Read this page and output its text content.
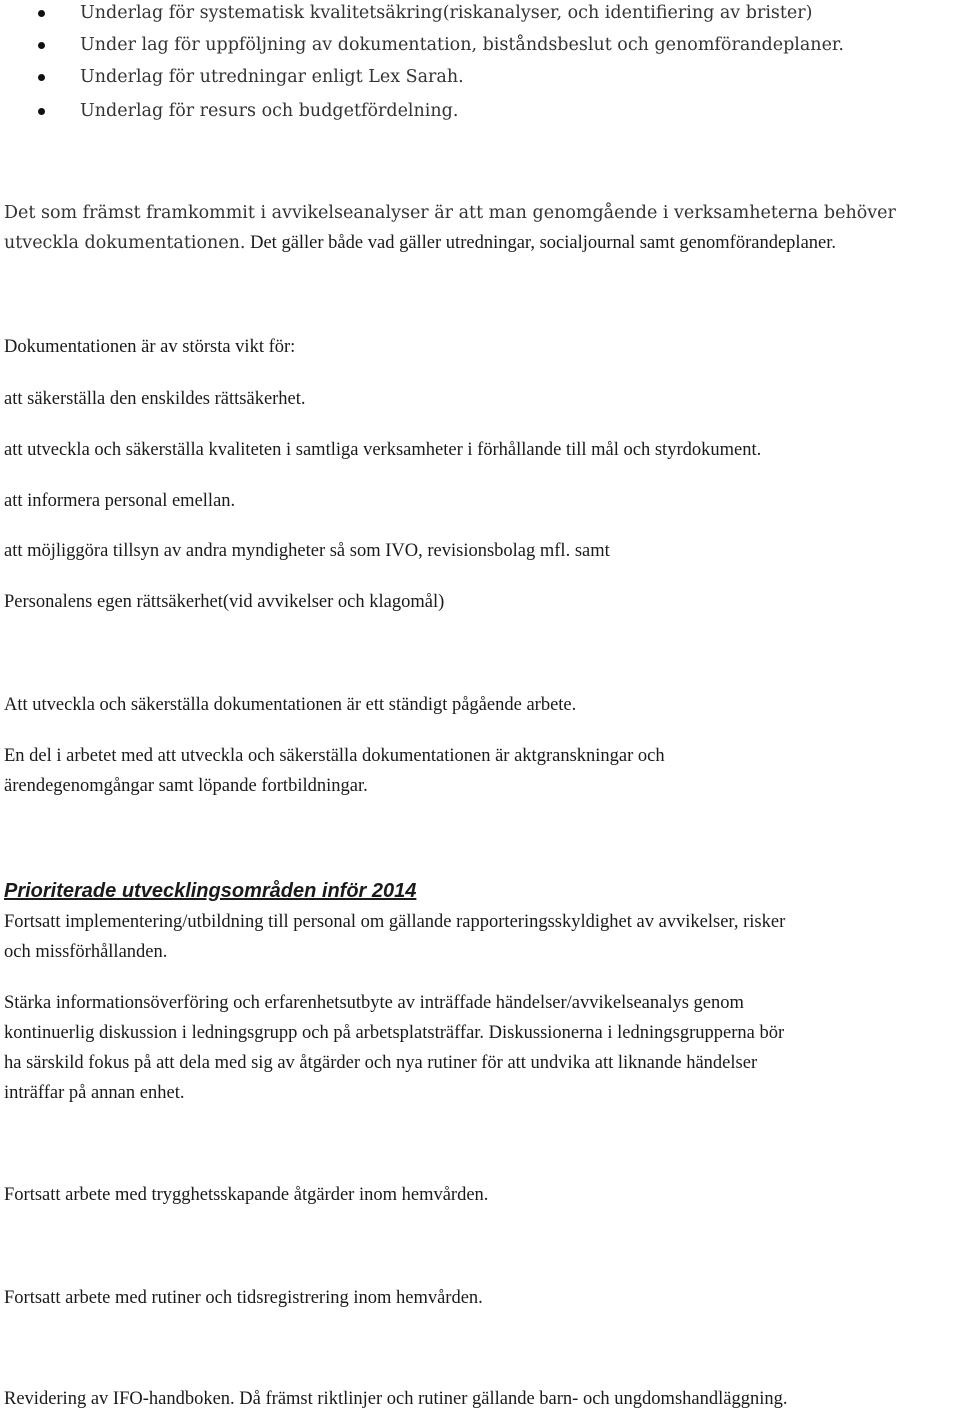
Underlag för systematisk kvalitetsäkring(riskanalyser, och identifiering av brister)
Under lag för uppföljning av dokumentation, biståndsbeslut och genomförandeplaner.
Underlag för utredningar enligt Lex Sarah.
Underlag för resurs och budgetfördelning.
Det som främst framkommit i avvikelseanalyser är att man genomgående i verksamheterna behöver
utveckla dokumentationen. Det gäller både vad gäller utredningar, socialjournal samt genomförandeplaner.
Dokumentationen är av största vikt för:
att säkerställa den enskildes rättsäkerhet.
att utveckla och säkerställa kvaliteten i samtliga verksamheter i förhållande till mål och styrdokument.
att informera personal emellan.
att möjliggöra tillsyn av andra myndigheter så som IVO, revisionsbolag mfl. samt
Personalens egen rättsäkerhet(vid avvikelser och klagomål)
Att utveckla och säkerställa dokumentationen är ett ständigt pågående arbete.
En del i arbetet med att utveckla och säkerställa dokumentationen är aktgranskningar och
ärendegenomgångar samt löpande fortbildningar.
Prioriterade utvecklingsområden inför 2014
Fortsatt implementering/utbildning till personal om gällande rapporteringsskyldighet av avvikelser, risker
och missförhållanden.
Stärka informationsöverföring och erfarenhetsutbyte av inträffade händelser/avvikelseanalys genom
kontinuerlig diskussion i ledningsgrupp och på arbetsplatsträffar. Diskussionerna i ledningsgrupperna bör
ha särskild fokus på att dela med sig av åtgärder och nya rutiner för att undvika att liknande händelser
inträffar på annan enhet.
Fortsatt arbete med trygghetsskapande åtgärder inom hemvården.
Fortsatt arbete med rutiner och tidsregistrering inom hemvården.
Revidering av IFO-handboken. Då främst riktlinjer och rutiner gällande barn- och ungdomshandläggning.
